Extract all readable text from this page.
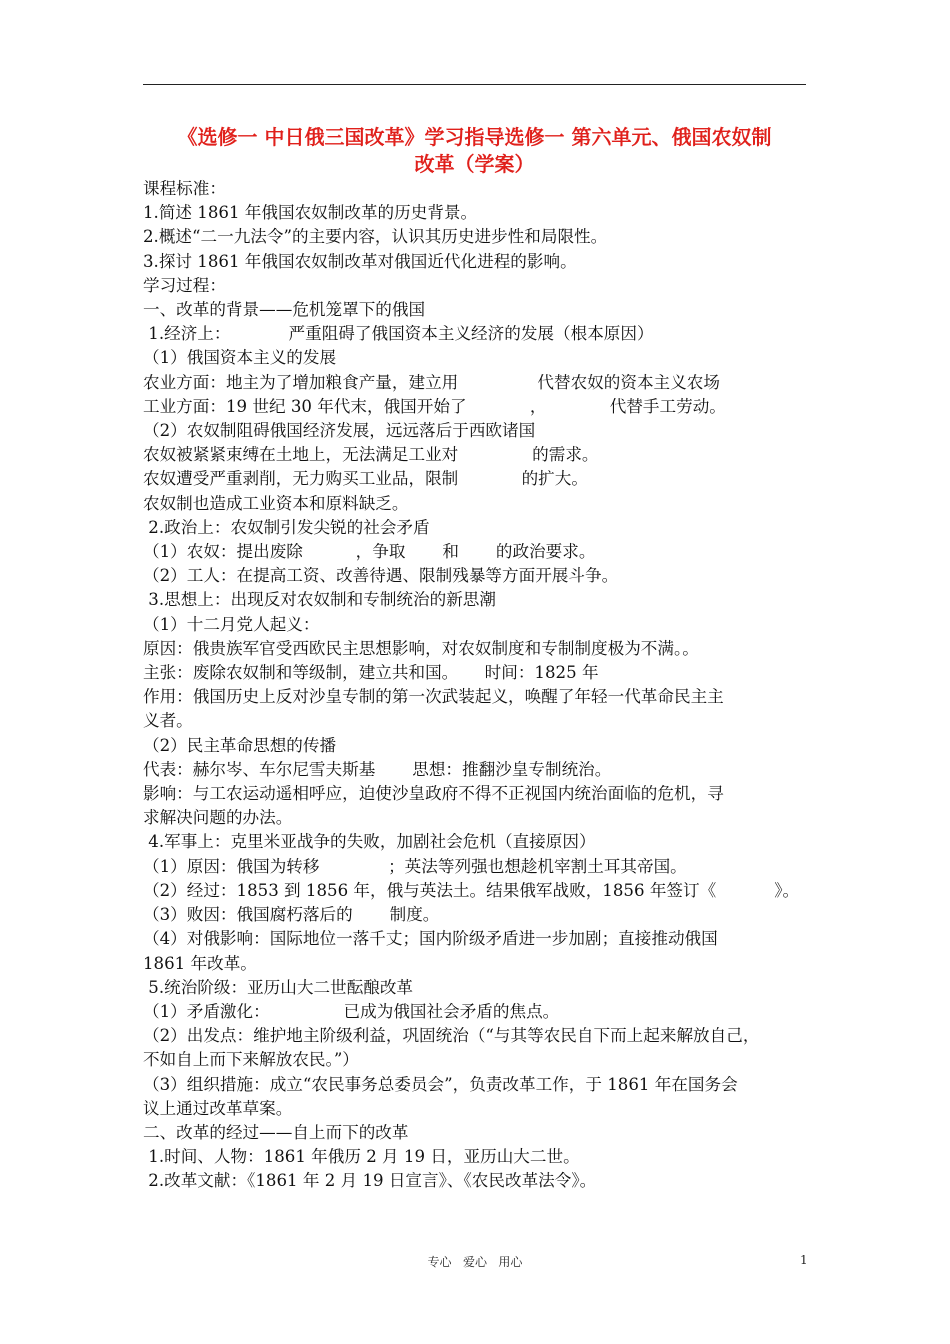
《选修一 中日俄三国改革》学习指导选修一 第六单元、俄国农奴制
改革（学案）
课程标准：
1.简述 1861 年俄国农奴制改革的历史背景。
2.概述“二一九法令”的主要内容，认识其历史进步性和局限性。
3.探讨 1861 年俄国农奴制改革对俄国近代化进程的影响。
学习过程：
一、改革的背景——危机笼罩下的俄国
1.经济上：           严重阻碍了俄国资本主义经济的发展（根本原因）
（1）俄国资本主义的发展
农业方面：地主为了增加粮食产量，建立用               代替农奴的资本主义农场
工业方面：19 世纪 30 年代末，俄国开始了            ，            代替手工劳动。
（2）农奴制阻碍俄国经济发展，远远落后于西欧诸国
农奴被紧紧束缚在土地上，无法满足工业对              的需求。
农奴遭受严重剥削，无力购买工业品，限制            的扩大。
农奴制也造成工业资本和原料缺乏。
2.政治上：农奴制引发尖锐的社会矛盾
（1）农奴：提出废除          ，争取       和       的政治要求。
（2）工人：在提高工资、改善待遇、限制残暴等方面开展斗争。
3.思想上：出现反对农奴制和专制统治的新思潮
（1）十二月党人起义：
原因：俄贵族军官受西欧民主思想影响，对农奴制度和专制制度极为不满。。
主张：废除农奴制和等级制，建立共和国。     时间：1825 年
作用：俄国历史上反对沙皇专制的第一次武装起义，唤醒了年轻一代革命民主主
义者。
（2）民主革命思想的传播
代表：赫尔岑、车尔尼雪夫斯基       思想：推翻沙皇专制统治。
影响：与工农运动遥相呼应，迫使沙皇政府不得不正视国内统治面临的危机，寻
求解决问题的办法。
4.军事上：克里米亚战争的失败，加剧社会危机（直接原因）
（1）原因：俄国为转移             ；英法等列强也想趁机宰割土耳其帝国。
（2）经过：1853 到 1856 年，俄与英法土。结果俄军战败，1856 年签订《           》。
（3）败因：俄国腐朽落后的       制度。
（4）对俄影响：国际地位一落千丈；国内阶级矛盾进一步加剧；直接推动俄国
1861 年改革。
5.统治阶级：亚历山大二世酝酿改革
（1）矛盾激化：              已成为俄国社会矛盾的焦点。
（2）出发点：维护地主阶级利益，巩固统治（“与其等农民自下而上起来解放自己，
不如自上而下来解放农民。”）
（3）组织措施：成立“农民事务总委员会”，负责改革工作，于 1861 年在国务会
议上通过改革草案。
二、改革的经过——自上而下的改革
1.时间、人物：1861 年俄历 2 月 19 日，亚历山大二世。
2.改革文献：《1861 年 2 月 19 日宣言》、《农民改革法令》。
专心   爱心   用心	1
